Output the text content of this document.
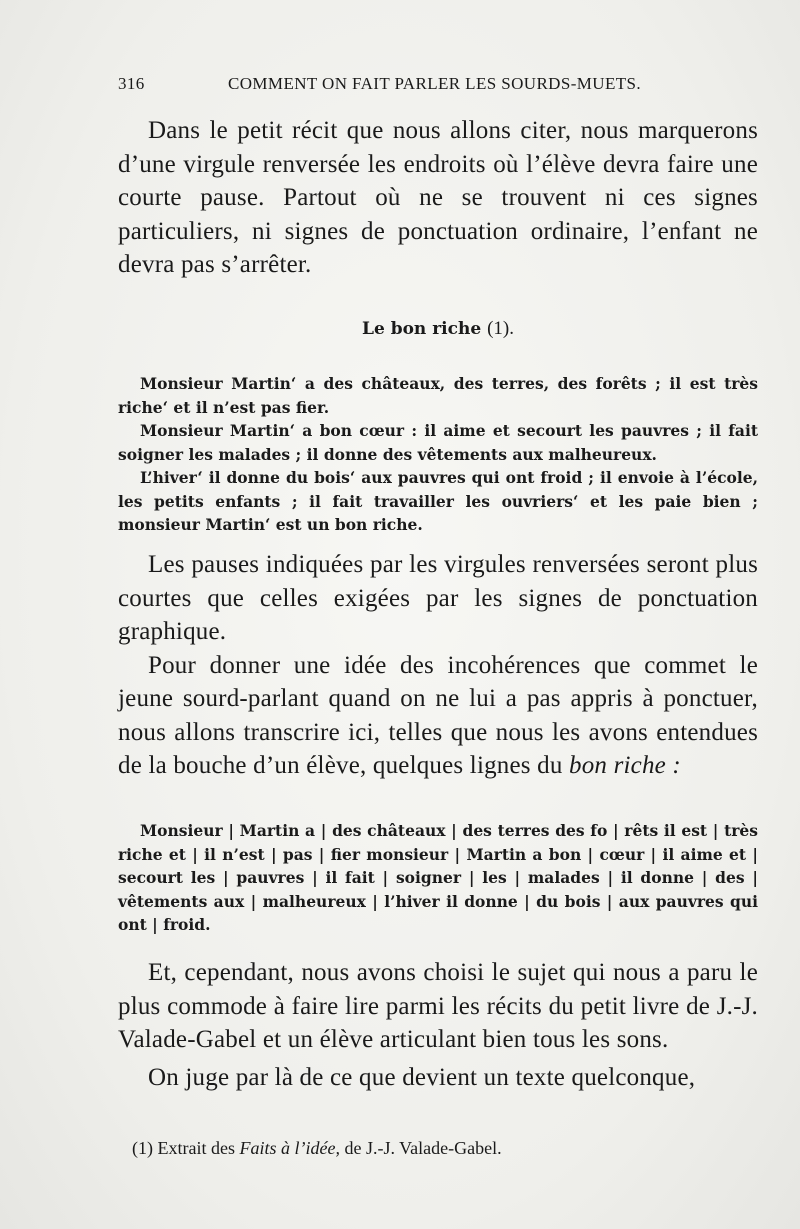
316	COMMENT ON FAIT PARLER LES SOURDS-MUETS.

Dans le petit récit que nous allons citer, nous marquerons d’une virgule renversée les endroits où l’élève devra faire une courte pause. Partout où ne se trouvent ni ces signes particuliers, ni signes de ponctuation ordinaire, l’enfant ne devra pas s’arrêter.

Le bon riche (1).

Monsieur Martin‘ a des châteaux, des terres, des forêts ; il est très riche‘ et il n’est pas fier.

Monsieur Martin‘ a bon cœur : il aime et secourt les pauvres ; il fait soigner les malades ; il donne des vêtements aux malheureux.

L’hiver‘ il donne du bois‘ aux pauvres qui ont froid ; il envoie à l’école, les petits enfants ; il fait travailler les ouvriers‘ et les paie bien ; monsieur Martin‘ est un bon riche.

Les pauses indiquées par les virgules renversées seront plus courtes que celles exigées par les signes de ponctuation graphique.

Pour donner une idée des incohérences que commet le jeune sourd-parlant quand on ne lui a pas appris à ponctuer, nous allons transcrire ici, telles que nous les avons entendues de la bouche d’un élève, quelques lignes du bon riche :

Monsieur | Martin a | des châteaux | des terres des fo | rêts il est | très riche et | il n’est | pas | fier monsieur | Martin a bon | cœur | il aime et | secourt les | pauvres | il fait | soigner | les | malades | il donne | des | vêtements aux | malheureux | l’hiver il donne | du bois | aux pauvres qui ont | froid.

Et, cependant, nous avons choisi le sujet qui nous a paru le plus commode à faire lire parmi les récits du petit livre de J.-J. Valade-Gabel et un élève articulant bien tous les sons.

On juge par là de ce que devient un texte quelconque,

(1) Extrait des Faits à l’idée, de J.-J. Valade-Gabel.
